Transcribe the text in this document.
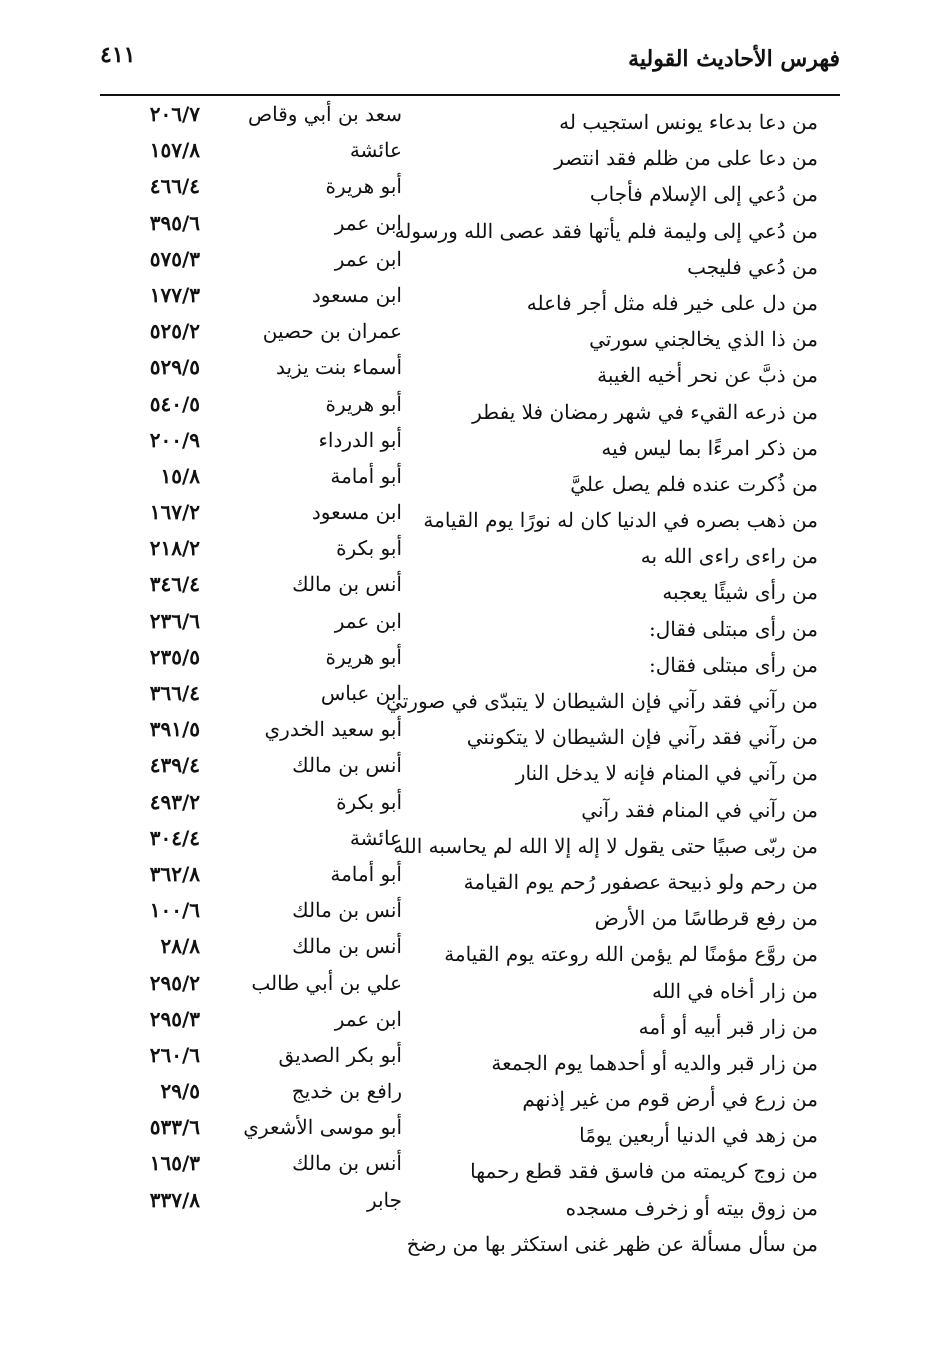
فهرس الأحاديث القولية
٤١١
من دعا بدعاء يونس استجيب له
سعد بن أبي وقاص
٢٠٦/٧
من دعا على من ظلم فقد انتصر
عائشة
١٥٧/٨
من دُعي إلى الإسلام فأجاب
أبو هريرة
٤٦٦/٤
من دُعي إلى وليمة فلم يأتها فقد عصى الله ورسوله
ابن عمر
٣٩٥/٦
من دُعي فليجب
ابن عمر
٥٧٥/٣
من دل على خير فله مثل أجر فاعله
ابن مسعود
١٧٧/٣
من ذا الذي يخالجني سورتي
عمران بن حصين
٥٢٥/٢
من ذبَّ عن نحر أخيه الغيبة
أسماء بنت يزيد
٥٢٩/٥
من ذرعه القيء في شهر رمضان فلا يفطر
أبو هريرة
٥٤٠/٥
من ذكر امرءًا بما ليس فيه
أبو الدرداء
٢٠٠/٩
من ذُكرت عنده فلم يصل عليَّ
أبو أمامة
١٥/٨
من ذهب بصره في الدنيا كان له نورًا يوم القيامة
ابن مسعود
١٦٧/٢
من راءى راءى الله به
أبو بكرة
٢١٨/٢
من رأى شيئًا يعجبه
أنس بن مالك
٣٤٦/٤
من رأى مبتلى فقال:
ابن عمر
٢٣٦/٦
من رأى مبتلى فقال:
أبو هريرة
٢٣٥/٥
من رآني فقد رآني فإن الشيطان لا يتبدّى في صورتي
ابن عباس
٣٦٦/٤
من رآني فقد رآني فإن الشيطان لا يتكونني
أبو سعيد الخدري
٣٩١/٥
من رآني في المنام فإنه لا يدخل النار
أنس بن مالك
٤٣٩/٤
من رآني في المنام فقد رآني
أبو بكرة
٤٩٣/٢
من ربّى صبيًا حتى يقول لا إله إلا الله لم يحاسبه الله
عائشة
٣٠٤/٤
من رحم ولو ذبيحة عصفور رُحم يوم القيامة
أبو أمامة
٣٦٢/٨
من رفع قرطاسًا من الأرض
أنس بن مالك
١٠٠/٦
من روَّع مؤمنًا لم يؤمن الله روعته يوم القيامة
أنس بن مالك
٢٨/٨
من زار أخاه في الله
علي بن أبي طالب
٢٩٥/٢
من زار قبر أبيه أو أمه
ابن عمر
٢٩٥/٣
من زار قبر والديه أو أحدهما يوم الجمعة
أبو بكر الصديق
٢٦٠/٦
من زرع في أرض قوم من غير إذنهم
رافع بن خديج
٢٩/٥
من زهد في الدنيا أربعين يومًا
أبو موسى الأشعري
٥٣٣/٦
من زوج كريمته من فاسق فقد قطع رحمها
أنس بن مالك
١٦٥/٣
من زوق بيته أو زخرف مسجده
جابر
٣٣٧/٨
من سأل مسألة عن ظهر غنى استكثر بها من رضخ
